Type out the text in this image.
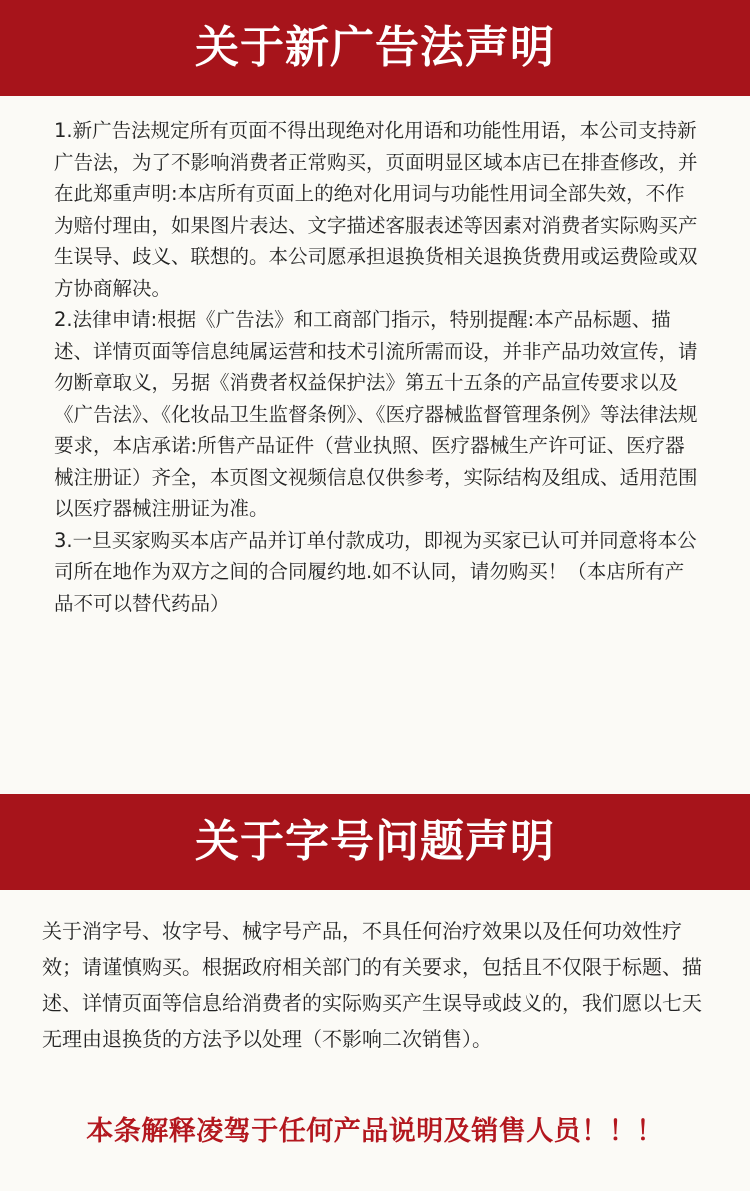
关于新广告法声明

1.新广告法规定所有页面不得出现绝对化用语和功能性用语，本公司支持新广告法，为了不影响消费者正常购买，页面明显区域本店已在排查修改，并在此郑重声明:本店所有页面上的绝对化用词与功能性用词全部失效，不作为赔付理由，如果图片表达、文字描述客服表述等因素对消费者实际购买产生误导、歧义、联想的。本公司愿承担退换货相关退换货费用或运费险或双方协商解决。

2.法律申请:根据《广告法》和工商部门指示，特别提醒:本产品标题、描述、详情页面等信息纯属运营和技术引流所需而设，并非产品功效宣传，请勿断章取义，另据《消费者权益保护法》第五十五条的产品宣传要求以及《广告法》、《化妆品卫生监督条例》、《医疗器械监督管理条例》等法律法规要求，本店承诺:所售产品证件（营业执照、医疗器械生产许可证、医疗器械注册证）齐全，本页图文视频信息仅供参考，实际结构及组成、适用范围以医疗器械注册证为准。

3.一旦买家购买本店产品并订单付款成功，即视为买家已认可并同意将本公司所在地作为双方之间的合同履约地.如不认同，请勿购买！（本店所有产品不可以替代药品）

关于字号问题声明

关于消字号、妆字号、械字号产品，不具任何治疗效果以及任何功效性疗效；请谨慎购买。根据政府相关部门的有关要求，包括且不仅限于标题、描述、详情页面等信息给消费者的实际购买产生误导或歧义的，我们愿以七天无理由退换货的方法予以处理（不影响二次销售）。

本条解释凌驾于任何产品说明及销售人员！！！
